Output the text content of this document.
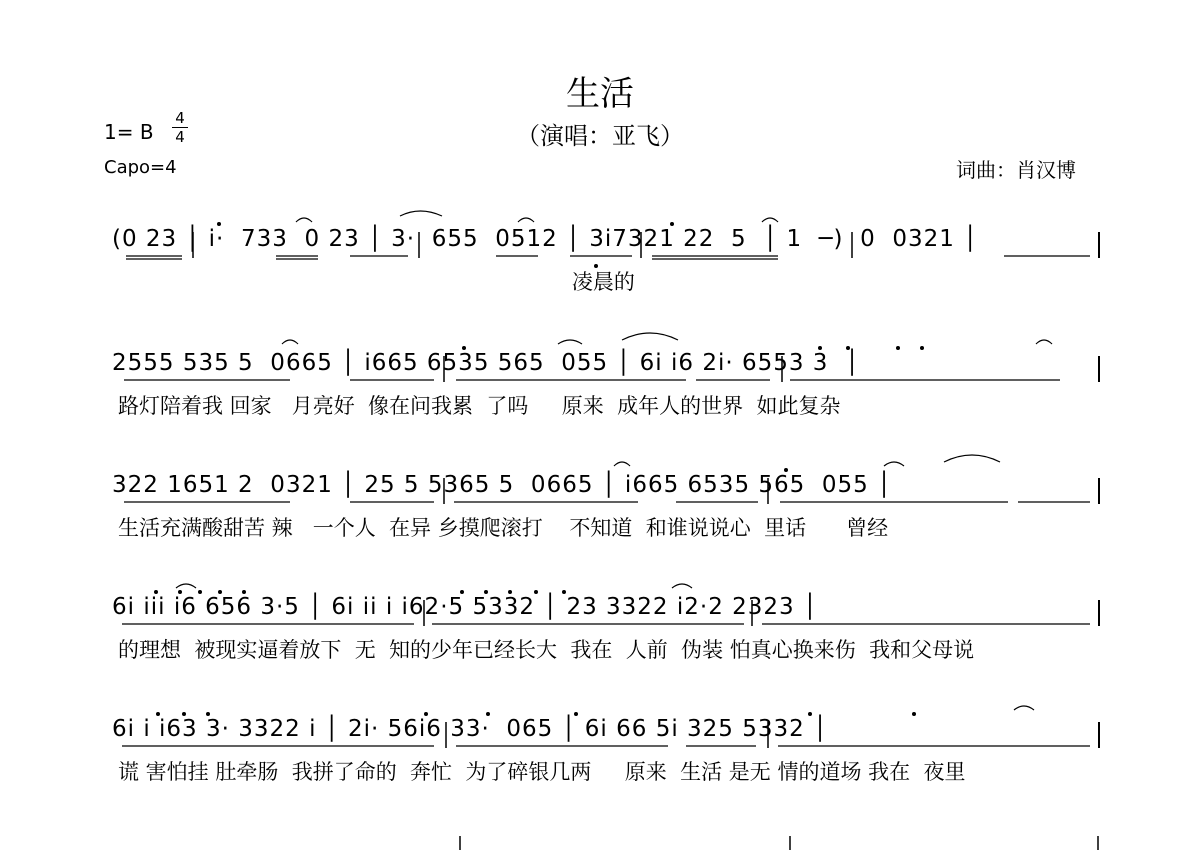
生活
（演唱：亚飞）
1= B
4
4
Capo=4	词曲：肖汉博
(0 23 │ i·  733  0 23 │ 3·  655  0512 │ 3i7321 22  5  │ 1  ─)  0  0321 │
凌晨的
2555 535 5  0665 │ i665 6535 565  055 │ 6i i6 2i· 6553 3  │
路灯陪着我 回家   月亮好  像在问我累  了吗     原来  成年人的世界  如此复杂
322 1651 2  0321 │ 25 5 5365 5  0665 │ i665 6535 565  055 │
生活充满酸甜苦 辣   一个人  在异 乡摸爬滚打    不知道  和谁说说心  里话      曾经
6i iii i6 656 3·5 │ 6i ii i i62·5 5332 │ 23 3322 i2·2 2323 │
的理想  被现实逼着放下  无  知的少年已经长大  我在  人前  伪装 怕真心换来伤  我和父母说
6i i i63 3· 3322 i │ 2i· 56i6 33·  065 │ 6i 66 5i 325 5332 │
谎 害怕挂 肚牵肠  我拼了命的  奔忙  为了碎银几两     原来  生活 是无 情的道场 我在  夜里
